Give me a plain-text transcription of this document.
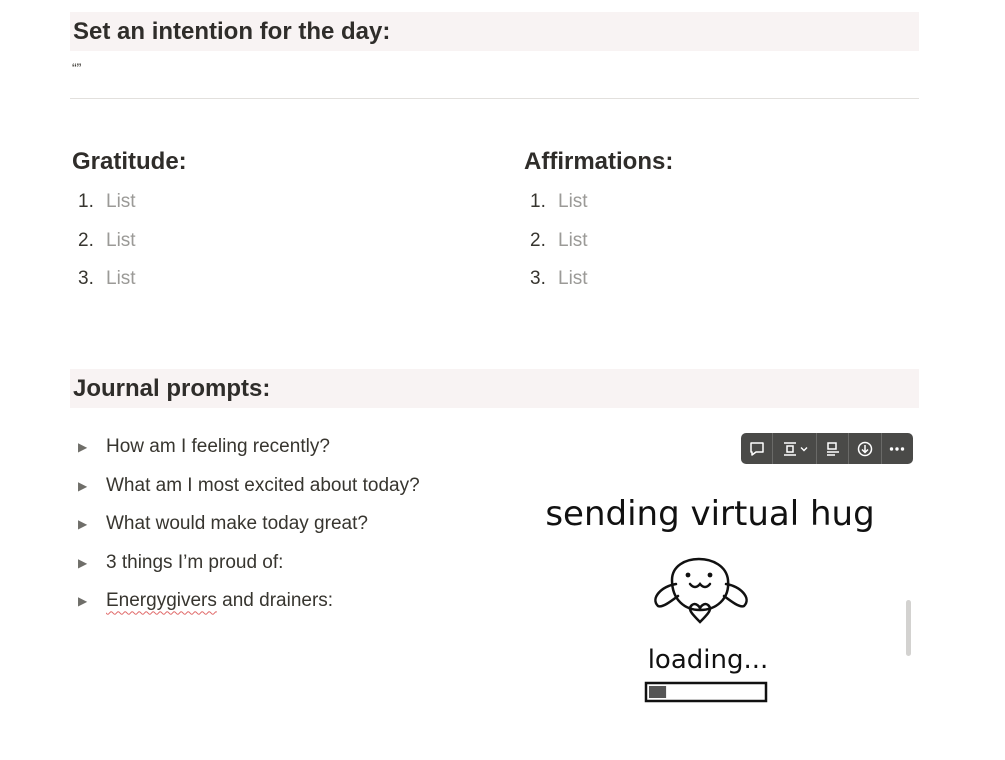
Set an intention for the day:
“”
Gratitude:
1. List
2. List
3. List
Affirmations:
1. List
2. List
3. List
Journal prompts:
▶ How am I feeling recently?
▶ What am I most excited about today?
▶ What would make today great?
▶ 3 things I’m proud of:
▶ Energygivers and drainers:
sending virtual hug
loading...
